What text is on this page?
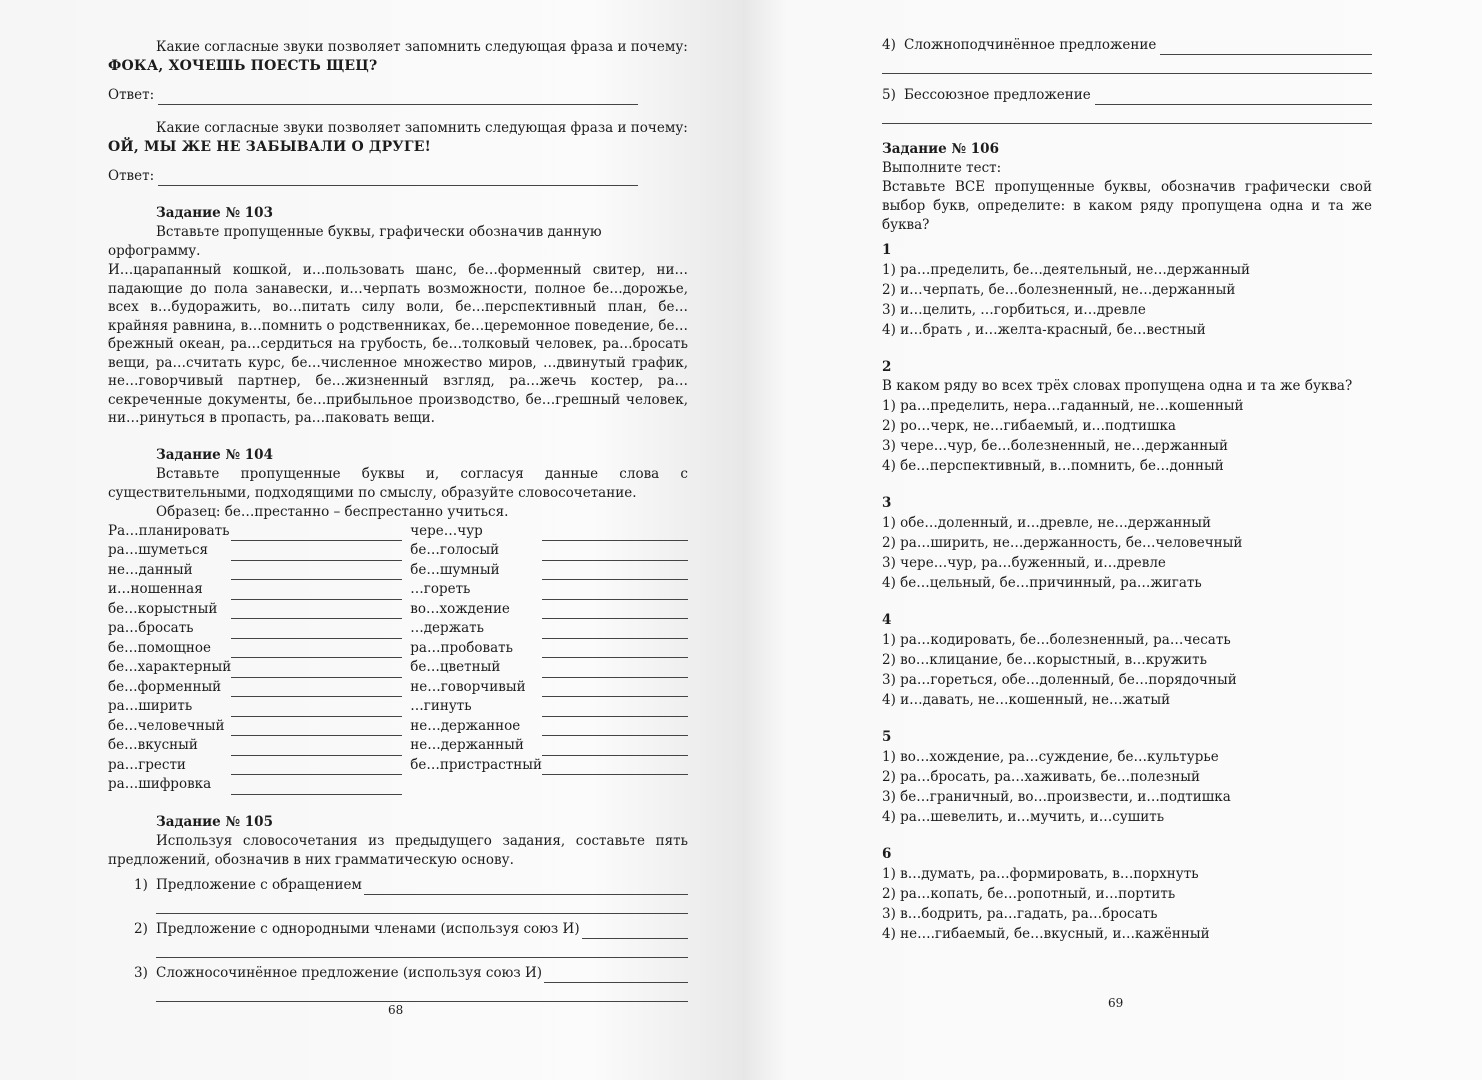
Какие согласные звуки позволяет запомнить следующая фраза и почему:

ФОКА, ХОЧЕШЬ ПОЕСТЬ ЩЕЦ?

Ответ:

Какие согласные звуки позволяет запомнить следующая фраза и почему:

ОЙ, МЫ ЖЕ НЕ ЗАБЫВАЛИ О ДРУГЕ!

Ответ:

Задание № 103

Вставьте пропущенные буквы, графически обозначив данную орфограмму.

И…царапанный кошкой, и…пользовать шанс, бе…форменный свитер, ни…падающие до пола занавески, и…черпать возможности, полное бе…дорожье, всех в…будоражить, во…питать силу воли, бе…перспективный план, бе…крайняя равнина, в…помнить о родственниках, бе…церемонное поведение, бе…брежный океан, ра…сердиться на грубость, бе…толковый человек, ра…бросать вещи, ра…считать курс, бе…численное множество миров, …двинутый график, не…говорчивый партнер, бе…жизненный взгляд, ра…жечь костер, ра…секреченные документы, бе…прибыльное производство, бе…грешный человек, ни…ринуться в пропасть, ра…паковать вещи.

Задание № 104

Вставьте пропущенные буквы и, согласуя данные слова с существительными, подходящими по смыслу, образуйте словосочетание.

Образец: бе…престанно – беспрестанно учиться.

Ра…планировать		чере…чур	
ра…шуметься		бе…голосый	
не…данный		бе…шумный	
и…ношенная		…гореть	
бе…корыстный		во…хождение	
ра…бросать		…держать	
бе…помощное		ра…пробовать	
бе…характерный		бе…цветный	
бе…форменный		не…говорчивый	
ра…ширить		…гинуть	
бе…человечный		не…держанное	
бе…вкусный		не…держанный	
ра…грести		бе…пристрастный	
ра…шифровка			

Задание № 105

Используя словосочетания из предыдущего задания, составьте пять предложений, обозначив в них грамматическую основу.

1) Предложение с обращением
2) Предложение с однородными членами (используя союз И)
3) Сложносочинённое предложение (используя союз И)
68
4) Сложноподчинённое предложение
5) Бессоюзное предложение

Задание № 106

Выполните тест:

Вставьте ВСЕ пропущенные буквы, обозначив графически свой выбор букв, определите: в каком ряду пропущена одна и та же буква?

1

1) ра…пределить, бе…деятельный, не…держанный

2) и…черпать, бе…болезненный, не…держанный

3) и…целить, …горбиться, и…древле

4) и…брать , и…желта-красный, бе…вестный

2

В каком ряду во всех трёх словах пропущена одна и та же буква?

1) ра…пределить, нера…гаданный, не…кошенный

2) ро…черк, не…гибаемый, и…подтишка

3) чере…чур, бе…болезненный, не…держанный

4) бе…перспективный, в…помнить, бе…донный

3

1) обе…доленный, и…древле, не…держанный

2) ра…ширить, не…держанность, бе…человечный

3) чере…чур, ра…буженный, и…древле

4) бе…цельный, бе…причинный, ра…жигать

4

1) ра…кодировать, бе…болезненный, ра…чесать

2) во…клицание, бе…корыстный, в…кружить

3) ра…гореться, обе…доленный, бе…порядочный

4) и…давать, не…кошенный, не…жатый

5

1) во…хождение, ра…суждение, бе…культурье

2) ра…бросать, ра…хаживать, бе…полезный

3) бе…граничный, во…произвести, и…подтишка

4) ра…шевелить, и…мучить, и…сушить

6

1) в…думать, ра…формировать, в…порхнуть

2) ра…копать, бе…ропотный, и…портить

3) в…бодрить, ра…гадать, ра…бросать

4) не….гибаемый, бе…вкусный, и…кажённый

69
